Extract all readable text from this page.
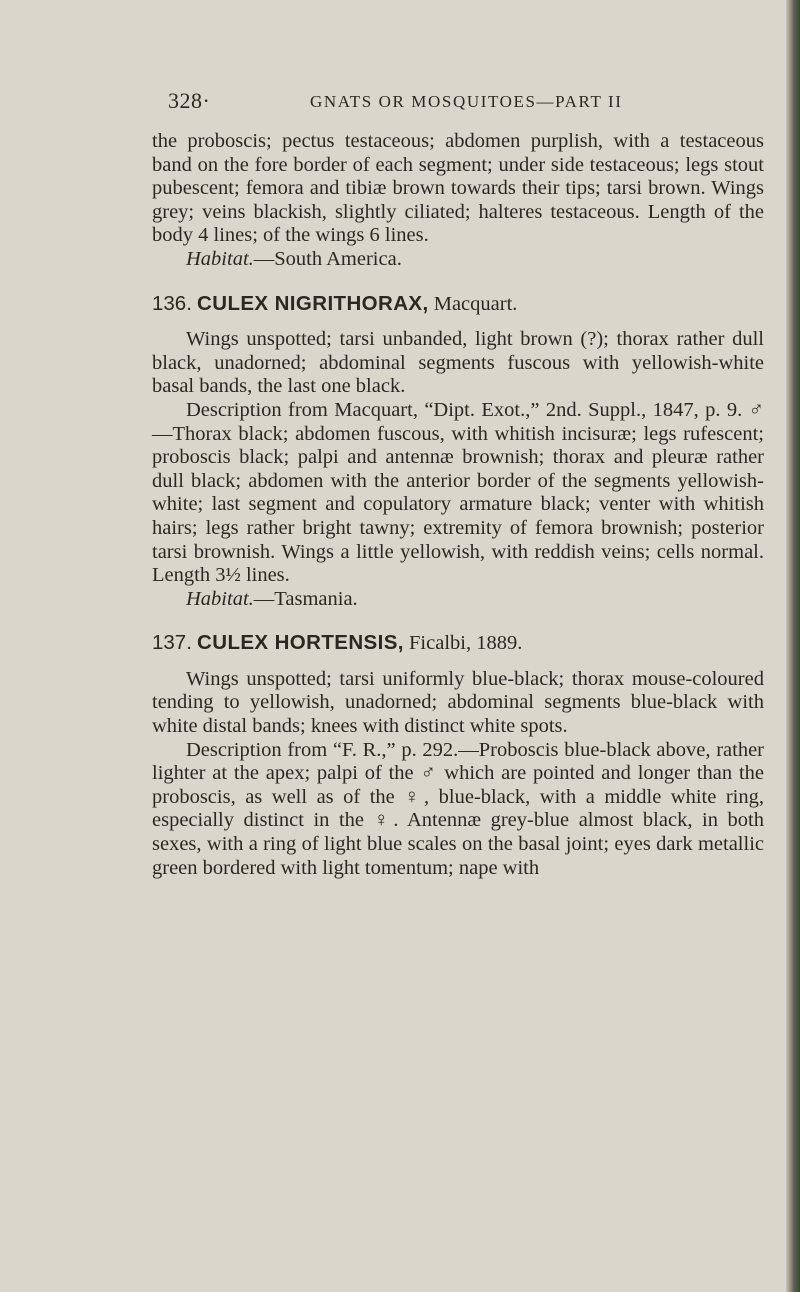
328·	GNATS OR MOSQUITOES—PART II

the proboscis; pectus testaceous; abdomen purplish, with a testaceous band on the fore border of each segment; under side testaceous; legs stout pubescent; femora and tibiæ brown towards their tips; tarsi brown. Wings grey; veins blackish, slightly ciliated; halteres testaceous. Length of the body 4 lines; of the wings 6 lines.

Habitat.—South America.

136. CULEX NIGRITHORAX, Macquart.

Wings unspotted; tarsi unbanded, light brown (?); thorax rather dull black, unadorned; abdominal segments fuscous with yellowish-white basal bands, the last one black.

Description from Macquart, “Dipt. Exot.,” 2nd. Suppl., 1847, p. 9. ♂—Thorax black; abdomen fuscous, with whitish incisuræ; legs rufescent; proboscis black; palpi and antennæ brownish; thorax and pleuræ rather dull black; abdomen with the anterior border of the segments yellowish-white; last segment and copulatory armature black; venter with whitish hairs; legs rather bright tawny; extremity of femora brownish; posterior tarsi brownish. Wings a little yellowish, with reddish veins; cells normal. Length 3½ lines.

Habitat.—Tasmania.

137. CULEX HORTENSIS, Ficalbi, 1889.

Wings unspotted; tarsi uniformly blue-black; thorax mouse-coloured tending to yellowish, unadorned; abdominal segments blue-black with white distal bands; knees with distinct white spots.

Description from “F. R.,” p. 292.—Proboscis blue-black above, rather lighter at the apex; palpi of the ♂ which are pointed and longer than the proboscis, as well as of the ♀, blue-black, with a middle white ring, especially distinct in the ♀. Antennæ grey-blue almost black, in both sexes, with a ring of light blue scales on the basal joint; eyes dark metallic green bordered with light tomentum; nape with
